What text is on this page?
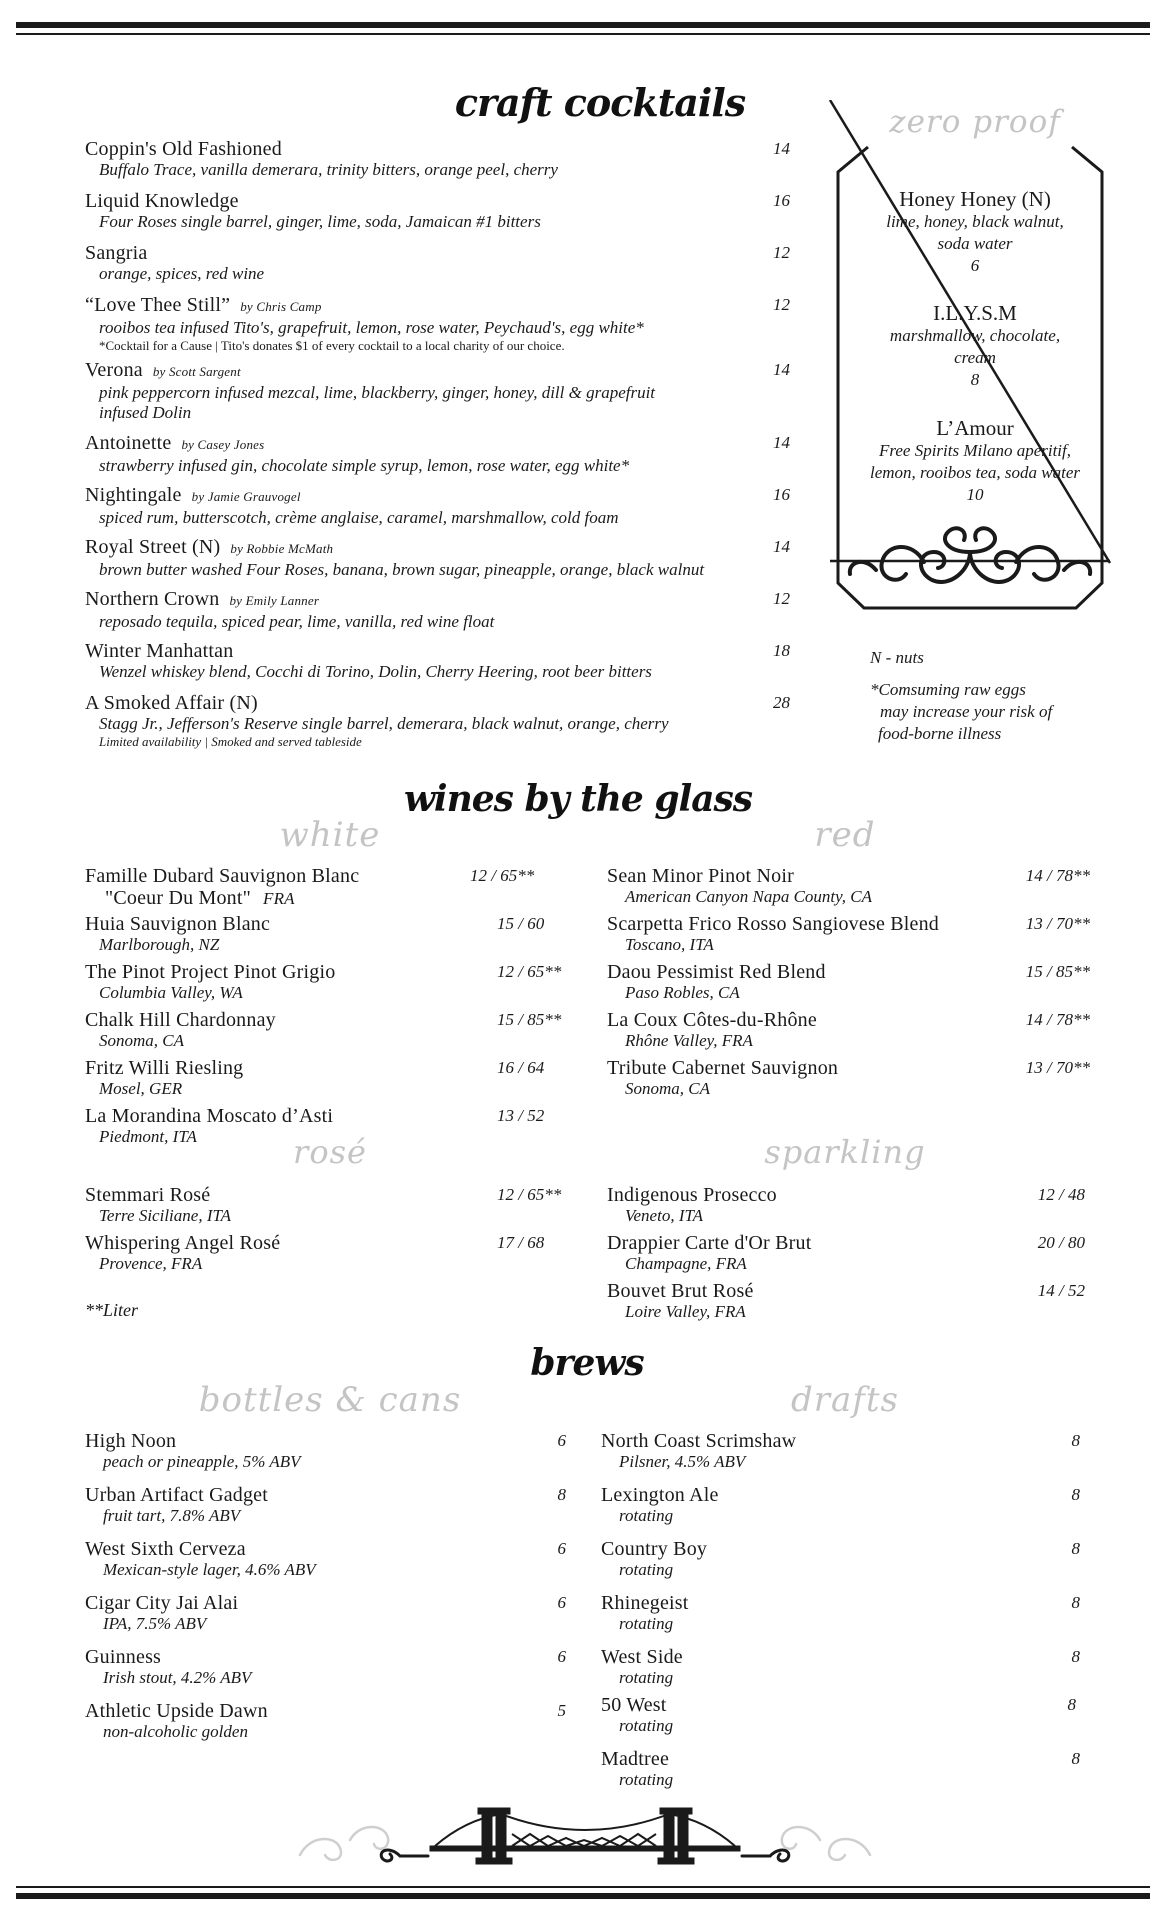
craft cocktails
Coppin's Old Fashioned
Buffalo Trace, vanilla demerara, trinity bitters, orange peel, cherry
14
Liquid Knowledge
Four Roses single barrel, ginger, lime, soda, Jamaican #1 bitters
16
Sangria
orange, spices, red wine
12
“Love Thee Still” by Chris Camp
rooibos tea infused Tito's, grapefruit, lemon, rose water, Peychaud's, egg white*
*Cocktail for a Cause | Tito's donates $1 of every cocktail to a local charity of our choice.
12
Verona by Scott Sargent
pink peppercorn infused mezcal, lime, blackberry, ginger, honey, dill & grapefruit
infused Dolin
14
Antoinette by Casey Jones
strawberry infused gin, chocolate simple syrup, lemon, rose water, egg white*
14
Nightingale by Jamie Grauvogel
spiced rum, butterscotch, crème anglaise, caramel, marshmallow, cold foam
16
Royal Street (N) by Robbie McMath
brown butter washed Four Roses, banana, brown sugar, pineapple, orange, black walnut
14
Northern Crown by Emily Lanner
reposado tequila, spiced pear, lime, vanilla, red wine float
12
Winter Manhattan
Wenzel whiskey blend, Cocchi di Torino, Dolin, Cherry Heering, root beer bitters
18
A Smoked Affair (N)
Stagg Jr., Jefferson's Reserve single barrel, demerara, black walnut, orange, cherry
Limited availability | Smoked and served tableside
28
zero proof
Honey Honey (N)
lime, honey, black walnut,
soda water
6
I.L.Y.S.M
marshmallow, chocolate,
cream
8
L’Amour
Free Spirits Milano aperitif,
lemon, rooibos tea, soda water
10
N - nuts
*Comsuming raw eggs
may increase your risk of
food-borne illness
wines by the glass
white	red
Famille Dubard Sauvignon Blanc
"Coeur Du Mont" FRA
12 / 65**
Huia Sauvignon Blanc
Marlborough, NZ
15 / 60
The Pinot Project Pinot Grigio
Columbia Valley, WA
12 / 65**
Chalk Hill Chardonnay
Sonoma, CA
15 / 85**
Fritz Willi Riesling
Mosel, GER
16 / 64
La Morandina Moscato d’Asti
Piedmont, ITA
13 / 52
rosé
Stemmari Rosé
Terre Siciliane, ITA
12 / 65**
Whispering Angel Rosé
Provence, FRA
17 / 68
**Liter
Sean Minor Pinot Noir
American Canyon Napa County, CA
14 / 78**
Scarpetta Frico Rosso Sangiovese Blend
Toscano, ITA
13 / 70**
Daou Pessimist Red Blend
Paso Robles, CA
15 / 85**
La Coux Côtes-du-Rhône
Rhône Valley, FRA
14 / 78**
Tribute Cabernet Sauvignon
Sonoma, CA
13 / 70**
sparkling
Indigenous Prosecco
Veneto, ITA
12 / 48
Drappier Carte d'Or Brut
Champagne, FRA
20 / 80
Bouvet Brut Rosé
Loire Valley, FRA
14 / 52
brews
bottles & cans	drafts
High Noon
peach or pineapple, 5% ABV
6
Urban Artifact Gadget
fruit tart, 7.8% ABV
8
West Sixth Cerveza
Mexican-style lager, 4.6% ABV
6
Cigar City Jai Alai
IPA, 7.5% ABV
6
Guinness
Irish stout, 4.2% ABV
6
Athletic Upside Dawn
non-alcoholic golden
5
North Coast Scrimshaw
Pilsner, 4.5% ABV
8
Lexington Ale
rotating
8
Country Boy
rotating
8
Rhinegeist
rotating
8
West Side
rotating
8
50 West
rotating
8
Madtree
rotating
8
